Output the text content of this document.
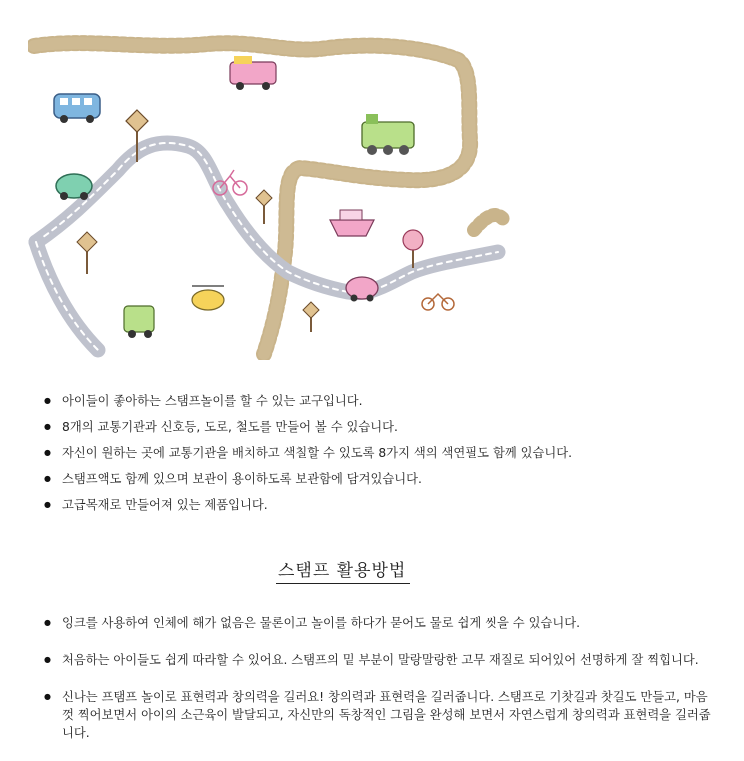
● 아이들이 좋아하는 스탬프놀이를 할 수 있는 교구입니다.
● 8개의 교통기관과 신호등, 도로, 철도를 만들어 볼 수 있습니다.
● 자신이 원하는 곳에 교통기관을 배치하고 색칠할 수 있도록 8가지 색의 색연필도 함께 있습니다.
● 스탬프액도 함께 있으며 보관이 용이하도록 보관함에 담겨있습니다.
● 고급목재로 만들어져 있는 제품입니다.
스탬프 활용방법
● 잉크를 사용하여 인체에 해가 없음은 물론이고 놀이를 하다가 묻어도 물로 쉽게 씻을 수 있습니다.
● 처음하는 아이들도 쉽게 따라할 수 있어요. 스탬프의 밑 부분이 말랑말랑한 고무 재질로 되어있어 선명하게 잘 찍힙니다.
● 신나는 프탬프 놀이로 표현력과 창의력을 길러요! 창의력과 표현력을 길러줍니다. 스탬프로 기찻길과 찻길도 만들고, 마음껏 찍어보면서 아이의 소근육이 발달되고, 자신만의 독창적인 그림을 완성해 보면서 자연스럽게 창의력과 표현력을 길러줍니다.
